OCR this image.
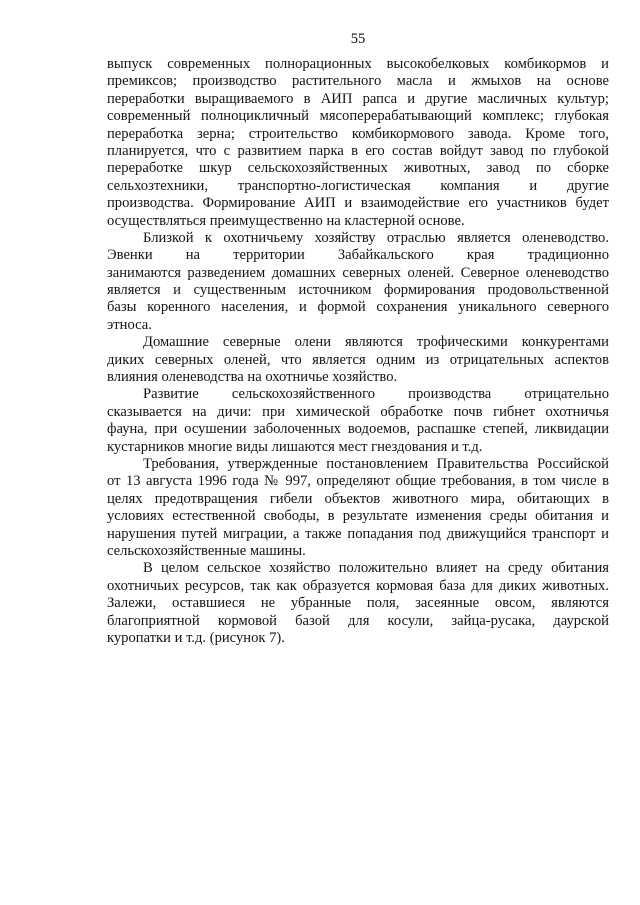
55
выпуск современных полнорационных высокобелковых комбикормов и
премиксов; производство растительного масла и жмыхов на основе
переработки выращиваемого в АИП рапса и другие масличных культур;
современный полноцикличный мясоперерабатывающий комплекс; глубокая
переработка зерна; строительство комбикормового завода. Кроме того,
планируется, что с развитием парка в его состав войдут завод по глубокой
переработке шкур сельскохозяйственных животных, завод по сборке
сельхозтехники, транспортно-логистическая компания и другие
производства. Формирование АИП и взаимодействие его участников будет
осуществляться преимущественно на кластерной основе.
Близкой к охотничьему хозяйству отраслью является оленеводство.
Эвенки на территории Забайкальского края традиционно
занимаются разведением домашних северных оленей. Северное оленеводство
является и существенным источником формирования продовольственной
базы коренного населения, и формой сохранения уникального северного
этноса.
Домашние северные олени являются трофическими конкурентами
диких северных оленей, что является одним из отрицательных аспектов
влияния оленеводства на охотничье хозяйство.
Развитие сельскохозяйственного производства отрицательно
сказывается на дичи: при химической обработке почв гибнет охотничья
фауна, при осушении заболоченных водоемов, распашке степей, ликвидации
кустарников многие виды лишаются мест гнездования и т.д.
Требования, утвержденные постановлением Правительства Российской
от 13 августа 1996 года № 997, определяют общие требования, в том числе в
целях предотвращения гибели объектов животного мира, обитающих в
условиях естественной свободы, в результате изменения среды обитания и
нарушения путей миграции, а также попадания под движущийся транспорт и
сельскохозяйственные машины.
В целом сельское хозяйство положительно влияет на среду обитания
охотничьих ресурсов, так как образуется кормовая база для диких животных.
Залежи, оставшиеся не убранные поля, засеянные овсом, являются
благоприятной кормовой базой для косули, зайца-русака, даурской
куропатки и т.д. (рисунок 7).
